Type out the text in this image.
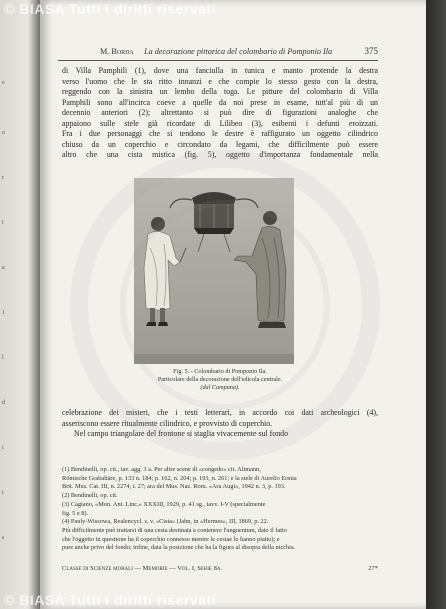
e
o
r
i
a
1
l
d
i
t
s
© BIASA Tutti i diritti riservati
M. Borda La decorazione pittorica del colombario di Pomponio Ila	375
di Villa Pamphili (1), dove una fanciulla in tunica e manto protende la destra
verso l'uomo che le sta ritto innanzi e che compie lo stesso gesto con la destra,
reggendo con la sinistra un lembo della toga. Le pitture del colombario di Villa
Pamphili sono all'incirca coeve a quelle da noi prese in esame, tutt'al più di un
decennio anteriori (2); altrettanto si può dire di figurazioni analoghe che
appaiono sulle stele già ricordate di Lilibeo (3), esibenti i defunti eroizzati.
Fra i due personaggi che si tendono le destre è raffigurato un oggetto cilindrico
chiuso da un coperchio e circondato da legami, che difficilmente può essere
altro che una cista mistica (fig. 5), oggetto d'importanza fondamentale nella
Fig. 5. - Colombario di Pomponio Ila.
Particolare della decorazione dell'edicola centrale.
(dal Campana).
celebrazione dei misteri, che i testi letterari, in accordo coi dati archeologici (4),
asseriscono essere ritualmente cilindrico, e provvisto di coperchio.
Nel campo triangolare del frontone si staglia vivacemente sul fondo
(1) Bendinelli, op. cit., tav. agg. 3 a. Per altre scene di «congedo» cit. Altmann,
Römische Grabaltäre, p. 133 n. 184; p. 162, n. 204; p. 193, n. 261; e la stele di Aurelio Ermia
Brit. Mus. Cat. III, n. 2274, t. 27; ara del Mus. Naz. Rom. «Ara Augi», 1942 n. 3, p. 193.
(2) Bendinelli, op. cit.
(3) Cagiano, «Mon. Ant. Linc.» XXXIII, 1929, p. 41 sg., tavv. I-V (specialmente
fig. 5 e 8).
(4) Pauly-Wissowa, Realencycl. s. v. «Cista» (Jahn, in «Hermes», III, 1869, p. 22.
Più difficilmente può trattarsi di una cesta destinata a contenere l'unguentum, dato il fatto
che l'oggetto in questione ha il coperchio connesso mentre le cestae lo hanno piatto); e
pure anche privo del fondo; infine, data la posizione che ha la figura al disopra della nicchia.
Classe di Scienze morali — Memorie — Vol. I, Serie 8a.	27*
© BIASA Tutti i diritti riservati
